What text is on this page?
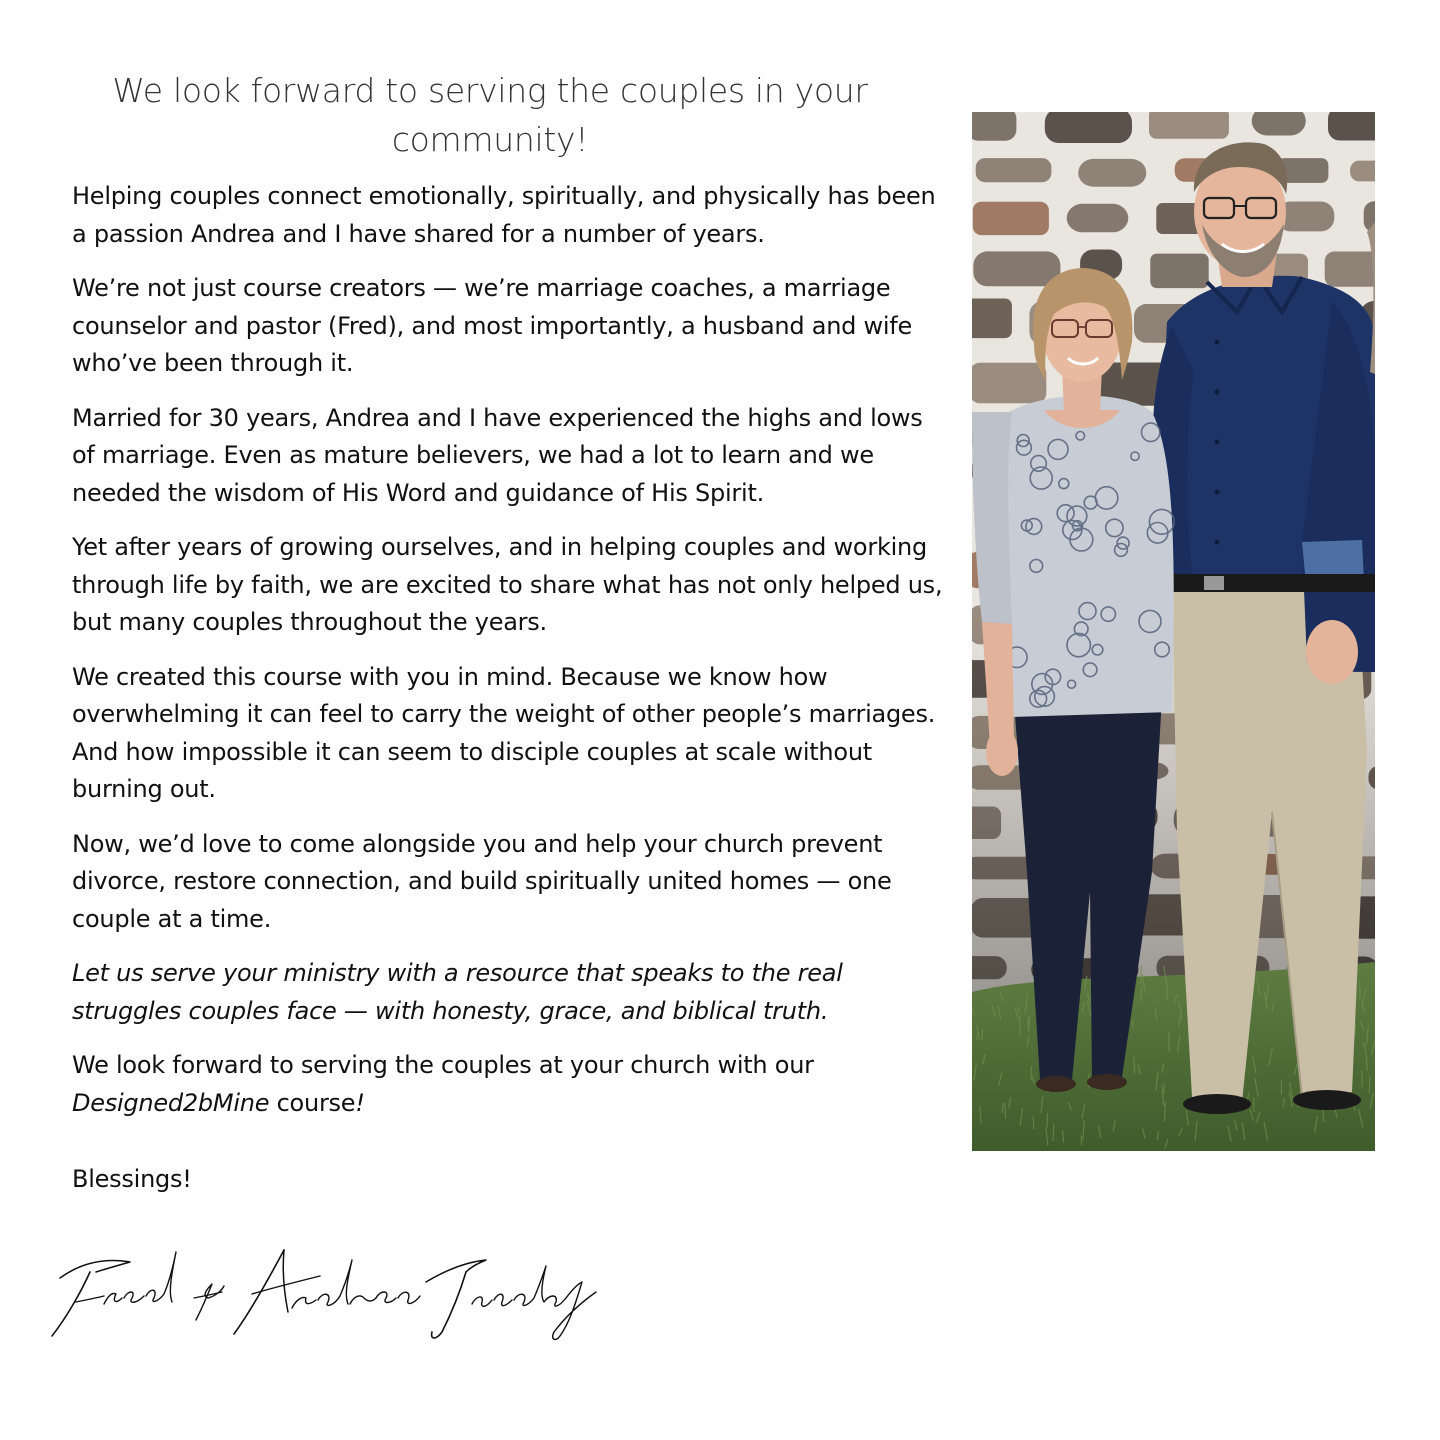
We look forward to serving the couples in your community!

Helping couples connect emotionally, spiritually, and physically has been a passion Andrea and I have shared for a number of years.

We’re not just course creators — we’re marriage coaches, a marriage counselor and pastor (Fred), and most importantly, a husband and wife who’ve been through it.

Married for 30 years, Andrea and I have experienced the highs and lows of marriage. Even as mature believers, we had a lot to learn and we needed the wisdom of His Word and guidance of His Spirit.

Yet after years of growing ourselves, and in helping couples and working through life by faith, we are excited to share what has not only helped us, but many couples throughout the years.

We created this course with you in mind. Because we know how overwhelming it can feel to carry the weight of other people’s marriages. And how impossible it can seem to disciple couples at scale without burning out.

Now, we’d love to come alongside you and help your church prevent divorce, restore connection, and build spiritually united homes — one couple at a time.

Let us serve your ministry with a resource that speaks to the real struggles couples face — with honesty, grace, and biblical truth.

We look forward to serving the couples at your church with our Designed2bMine course!

Blessings!
